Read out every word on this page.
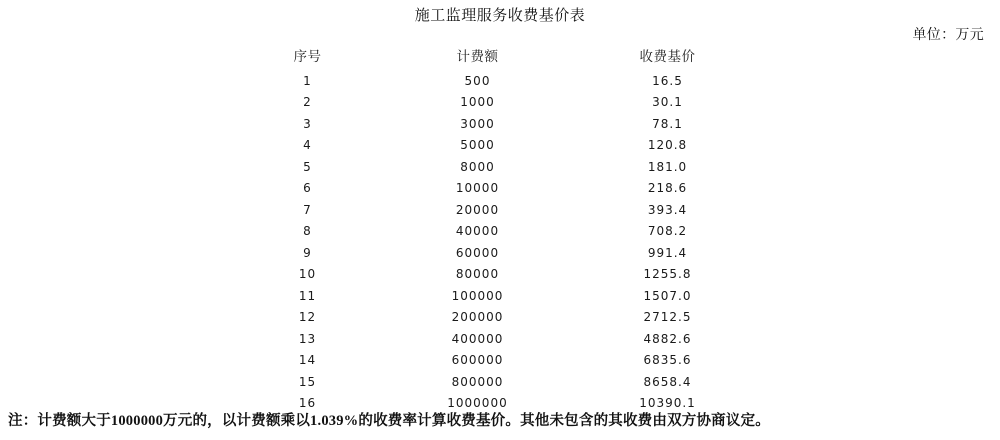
施工监理服务收费基价表
单位：万元
序号	计费额	收费基价
1	500	16.5
2	1000	30.1
3	3000	78.1
4	5000	120.8
5	8000	181.0
6	10000	218.6
7	20000	393.4
8	40000	708.2
9	60000	991.4
10	80000	1255.8
11	100000	1507.0
12	200000	2712.5
13	400000	4882.6
14	600000	6835.6
15	800000	8658.4
16	1000000	10390.1
注：计费额大于1000000万元的，以计费额乘以1.039%的收费率计算收费基价。其他未包含的其收费由双方协商议定。
